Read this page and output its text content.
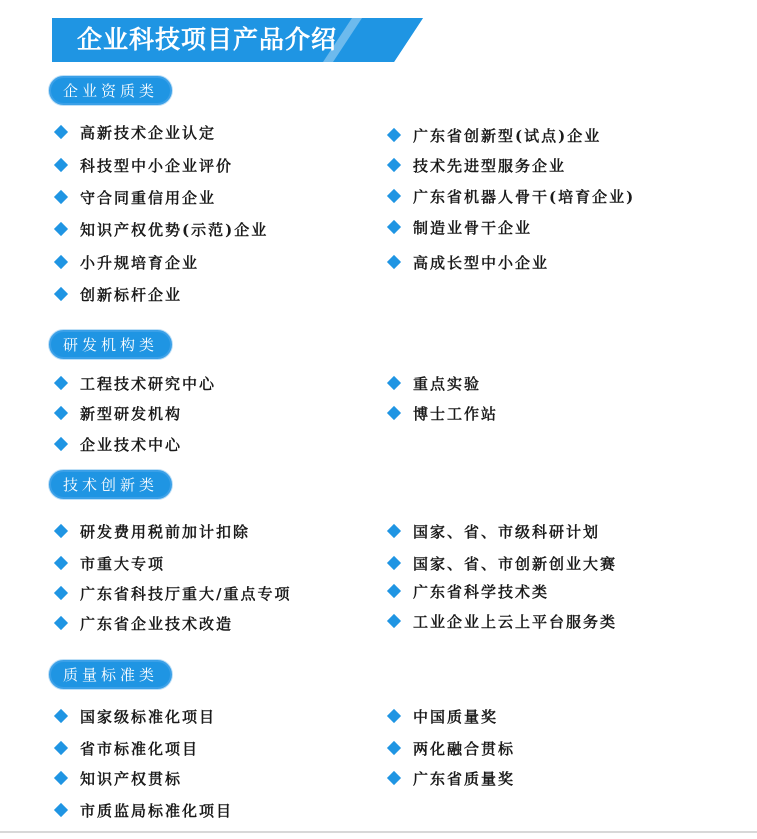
企业科技项目产品介绍
企业资质类
高新技术企业认定
科技型中小企业评价
守合同重信用企业
知识产权优势(示范)企业
小升规培育企业
创新标杆企业
广东省创新型(试点)企业
技术先进型服务企业
广东省机器人骨干(培育企业)
制造业骨干企业
高成长型中小企业
研发机构类
工程技术研究中心
新型研发机构
企业技术中心
重点实验
博士工作站
技术创新类
研发费用税前加计扣除
市重大专项
广东省科技厅重大/重点专项
广东省企业技术改造
国家、省、市级科研计划
国家、省、市创新创业大赛
广东省科学技术类
工业企业上云上平台服务类
质量标准类
国家级标准化项目
省市标准化项目
知识产权贯标
市质监局标准化项目
中国质量奖
两化融合贯标
广东省质量奖
